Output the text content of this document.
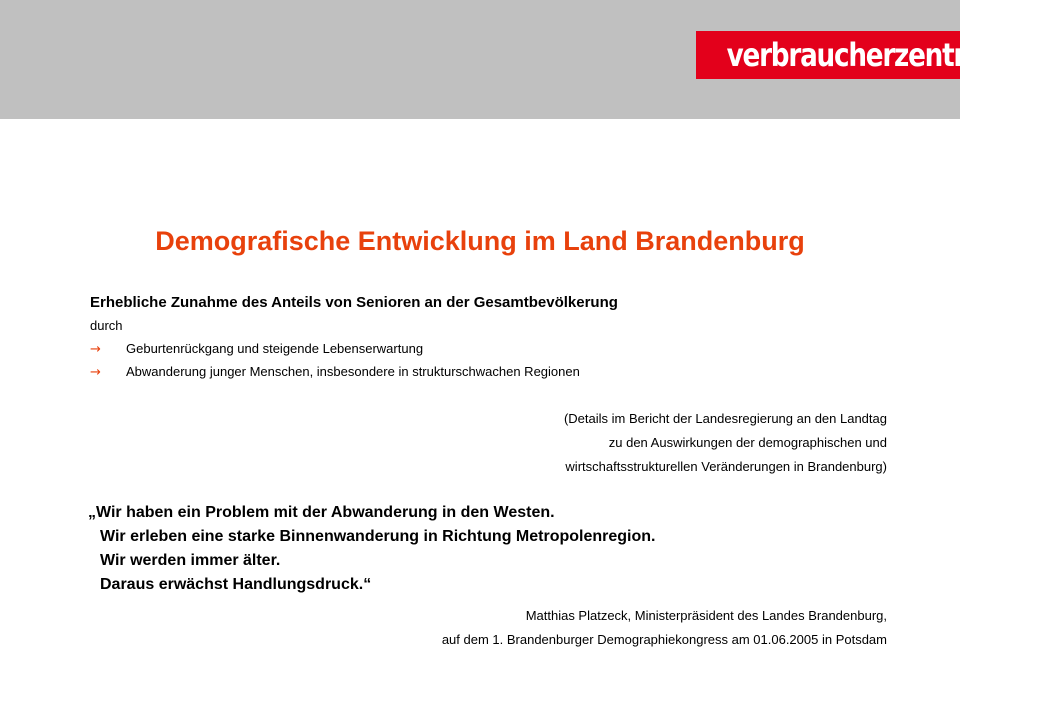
verbraucherzentrale
Demografische Entwicklung im Land Brandenburg
Erhebliche Zunahme des Anteils von Senioren an der Gesamtbevölkerung
durch
→ Geburtenrückgang und steigende Lebenserwartung
→ Abwanderung junger Menschen, insbesondere in strukturschwachen Regionen
(Details im Bericht der Landesregierung an den Landtag
zu den Auswirkungen der demographischen und
wirtschaftsstrukturellen Veränderungen in Brandenburg)
„Wir haben ein Problem mit der Abwanderung in den Westen.
Wir erleben eine starke Binnenwanderung in Richtung Metropolenregion.
Wir werden immer älter.
Daraus erwächst Handlungsdruck.“
Matthias Platzeck, Ministerpräsident des Landes Brandenburg,
auf dem 1. Brandenburger Demographiekongress am 01.06.2005 in Potsdam
